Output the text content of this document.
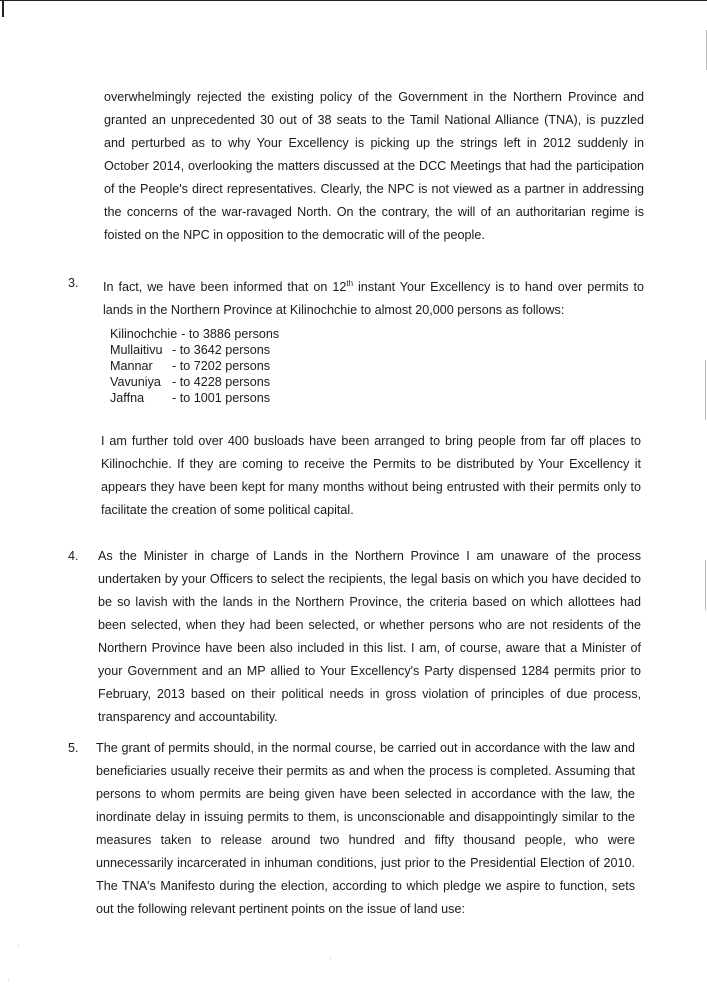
overwhelmingly rejected the existing policy of the Government in the Northern Province and granted an unprecedented 30 out of 38 seats to the Tamil National Alliance (TNA), is puzzled and perturbed as to why Your Excellency is picking up the strings left in 2012 suddenly in October 2014, overlooking the matters discussed at the DCC Meetings that had the participation of the People's direct representatives. Clearly, the NPC is not viewed as a partner in addressing the concerns of the war-ravaged North. On the contrary, the will of an authoritarian regime is foisted on the NPC in opposition to the democratic will of the people.

3. In fact, we have been informed that on 12th instant Your Excellency is to hand over permits to lands in the Northern Province at Kilinochchie to almost 20,000 persons as follows:

Kilinochchie - to 3886 persons
Mullaitivu - to 3642 persons
Mannar	- to 7202 persons
Vavuniya - to 4228 persons
Jaffna	- to 1001 persons

I am further told over 400 busloads have been arranged to bring people from far off places to Kilinochchie. If they are coming to receive the Permits to be distributed by Your Excellency it appears they have been kept for many months without being entrusted with their permits only to facilitate the creation of some political capital.

4. As the Minister in charge of Lands in the Northern Province I am unaware of the process undertaken by your Officers to select the recipients, the legal basis on which you have decided to be so lavish with the lands in the Northern Province, the criteria based on which allottees had been selected, when they had been selected, or whether persons who are not residents of the Northern Province have been also included in this list. I am, of course, aware that a Minister of your Government and an MP allied to Your Excellency's Party dispensed 1284 permits prior to February, 2013 based on their political needs in gross violation of principles of due process, transparency and accountability.

5. The grant of permits should, in the normal course, be carried out in accordance with the law and beneficiaries usually receive their permits as and when the process is completed. Assuming that persons to whom permits are being given have been selected in accordance with the law, the inordinate delay in issuing permits to them, is unconscionable and disappointingly similar to the measures taken to release around two hundred and fifty thousand people, who were unnecessarily incarcerated in inhuman conditions, just prior to the Presidential Election of 2010. The TNA's Manifesto during the election, according to which pledge we aspire to function, sets out the following relevant pertinent points on the issue of land use:
